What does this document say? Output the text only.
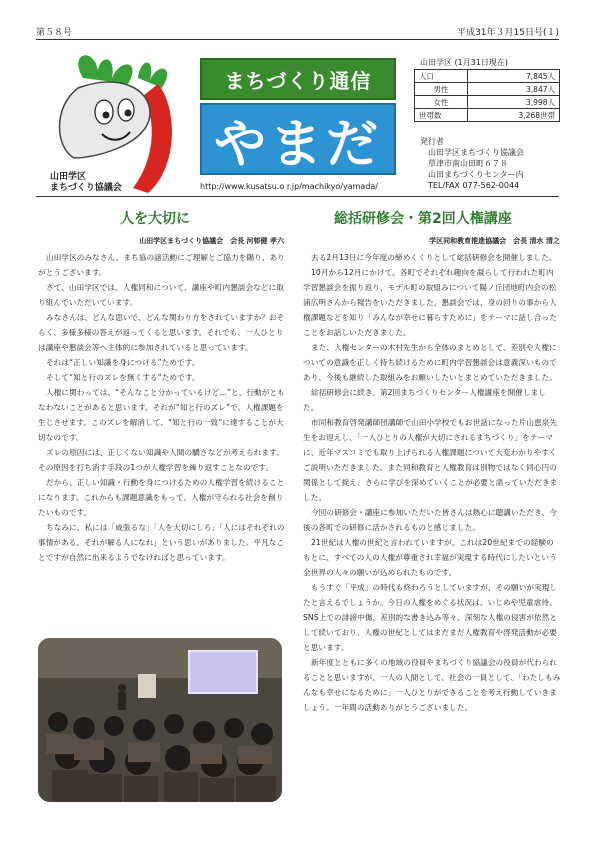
第５８号	平成31年３月15日号(１)
山田学区
まちづくり協議会
まちづくり通信
やまだ
http://www.kusatsu.o r.jp/machikyo/yamada/
山田学区 (1月31日現在)
人口	7,845人
男性	3,847人
女性	3,998人
世帯数	3,268世帯
発行者
山田学区まちづくり協議会
草津市南山田町６７８
山田まちづくりセンター内
TEL/FAX 077-562-0044
人を大切に	総括研修会・第2回人権講座
山田学区まちづくり協議会　会長 河邨健 孝六	学区同和教育推進協議会　会長 清水 清之

山田学区のみなさん、まち協の諸活動にご理解とご協力を賜り、ありがとうございます。

さて、山田学区では、人権同和について、講座や町内懇談会などに取り組んでいただいています。

みなさんは、どんな思いで、どんな関わり方をされていますか？おそらく、多様多様の答えが返ってくると思います。それでも、一人ひとりは講座や懇談会等へ主体的に参加されていると思っています。

それは“正しい知識を身につける”ためです。

そして“知と行のズレを無くする”ためです。

人権に関わっては、“そんなこと分かっているけど…”と、行動がともなわないことがあると思います。それが“知と行のズレ”で、人権課題を生じさせます。このズレを解消して、“知と行の一致”に達することが大切なのです。

ズレの原因には、正しくない知識や人間の驕さなどが考えられます。その原因を打ち消す手段の1つが人権学習を繰り返すことなのです。

だから、正しい知識・行動を身につけるための人権学習を続けることになります。これからも課題意識をもって、人権が守られる社会を創りたいものです。

ちなみに、私には「威張るな」「人を大切にしろ」「人にはそれぞれの事情がある。それが解る人になれ」という思いがありました。平凡なことですが自然に出来るようでなければと思っています。

去る2月13日に今年度の締めくくりとして総括研修会を開催しました。

10月から12月にかけて、各町でそれぞれ趣向を凝らして行われた町内学習懇談会を振り返り、モデル町の取組みについて陽ノ丘団地町内会の松浦広明さんから報告をいただきました。懇談会では、身の回りの事から人権課題などを知り「みんなが幸せに暮らすために」をテーマに話し合ったことをお話しいただきました。

また、人権センターの木村先生から全体のまとめとして、差別や人権についての意識を正しく持ち続けるために町内学習懇談会は意義深いものであり、今後も継続した取組みをお願いしたいとまとめていただきました。

総括研修会に続き、第2回まちづくりセンター人権講座を開催しました。

市同和教育啓発講師団講師で山田小学校でもお世話になった片山恵泉先生をお迎えし、「一人ひとりの人権が大切にされるまちづくり」をテーマに、近年マスコミでも取り上げられる人権課題について大変わかりやすくご説明いただきました。また同和教育と人権教育は別物ではなく同心円の関係として捉え、さらに学びを深めていくことが必要と語っていただきました。

今回の研修会・講座に参加いただいた皆さんは熱心に聴講いただき、今後の各町での研修に活かされるものと感じました。

21世紀は人権の世紀と言われていますが、これは20世紀までの経験のもとに、すべての人の人権が尊重され幸福が実現する時代にしたいという全世界の人々の願いが込められたものです。

もうすぐ「平成」の時代も終わろうとしていますが、その願いが実現したと言えるでしょうか。今日の人権をめぐる状況は、いじめや児童虐待、SNS上での誹謗中傷、差別的な書き込み等々、深刻な人権の侵害が依然として続いており、人権の世紀としてはまだまだ人権教育や啓発活動が必要と思います。

新年度とともに多くの地域の役員やまちづくり協議会の役員が代わられることと思いますが、一人の人間として、社会の一員として、「わたしもみんなも幸せになるために」一人ひとりができることを考え行動していきましょう。一年間の活動ありがとうございました。
